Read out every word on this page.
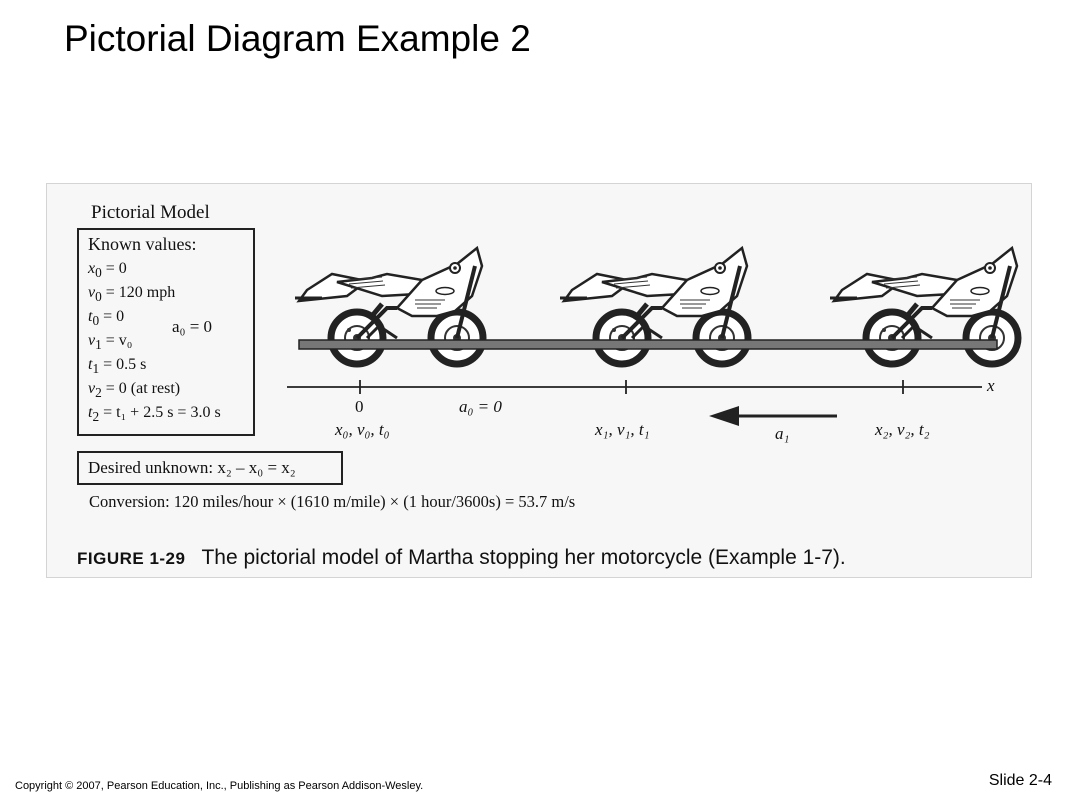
Pictorial Diagram Example 2
Pictorial Model
Known values:
$x_0 = 0$
$v_0 = 120$ mph
$t_0 = 0$
$v_1 = v_0$
$t_1 = 0.5$ s
$v_2 = 0$ (at rest)
$t_2 = t_1 + 2.5$ s = 3.0 s
a₀ = 0
Desired unknown: x₂ – x₀ = x₂
Conversion: 120 miles/hour × (1610 m/mile) × (1 hour/3600s) = 53.7 m/s
x
0	a₀ = 0
a₁
x₀, v₀, t₀	x₁, v₁, t₁	x₂, v₂, t₂
FIGURE 1-29 The pictorial model of Martha stopping her motorcycle (Example 1-7).
Copyright © 2007, Pearson Education, Inc., Publishing as Pearson Addison-Wesley.	Slide 2-4
